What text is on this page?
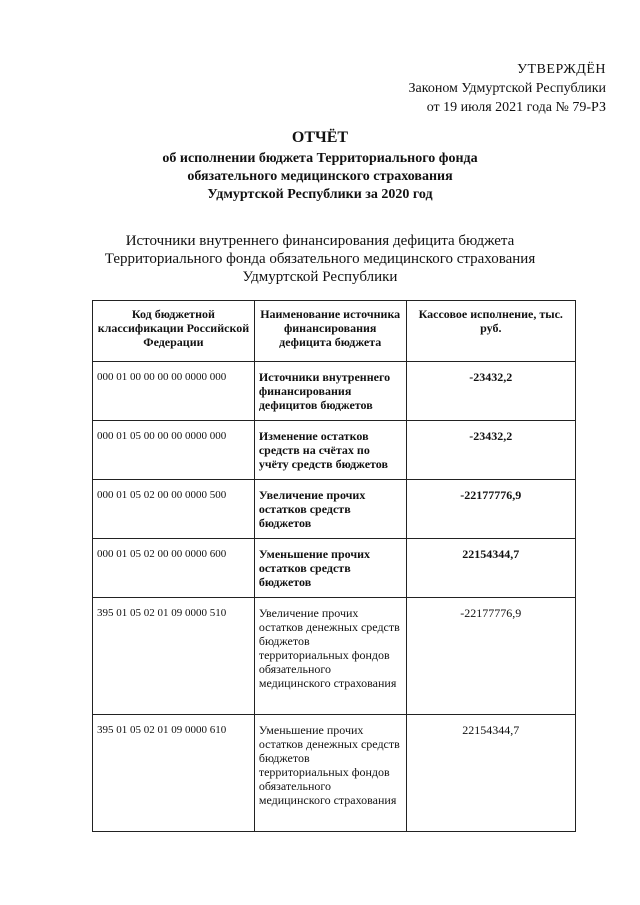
УТВЕРЖДЁН
Законом Удмуртской Республики
от 19 июля 2021 года № 79-РЗ
ОТЧЁТ
об исполнении бюджета Территориального фонда
обязательного медицинского страхования
Удмуртской Республики за 2020 год
Источники внутреннего финансирования дефицита бюджета
Территориального фонда обязательного медицинского страхования
Удмуртской Республики
Код бюджетной классификации Российской Федерации	Наименование источника финансирования дефицита бюджета	Кассовое исполнение, тыс. руб.
000 01 00 00 00 00 0000 000	Источники внутреннего финансирования дефицитов бюджетов	-23432,2
000 01 05 00 00 00 0000 000	Изменение остатков средств на счётах по учёту средств бюджетов	-23432,2
000 01 05 02 00 00 0000 500	Увеличение прочих остатков средств бюджетов	-22177776,9
000 01 05 02 00 00 0000 600	Уменьшение прочих остатков средств бюджетов	22154344,7
395 01 05 02 01 09 0000 510	Увеличение прочих остатков денежных средств бюджетов территориальных фондов обязательного медицинского страхования	-22177776,9
395 01 05 02 01 09 0000 610	Уменьшение прочих остатков денежных средств бюджетов территориальных фондов обязательного медицинского страхования	22154344,7
